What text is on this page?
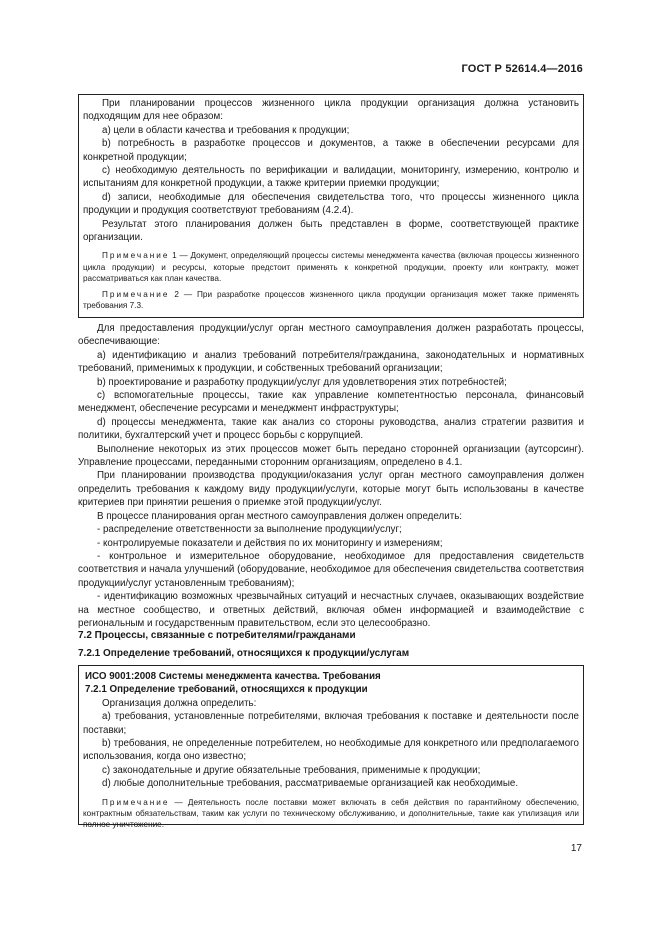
ГОСТ Р 52614.4—2016

При планировании процессов жизненного цикла продукции организация должна установить подходящим для нее образом:

a) цели в области качества и требования к продукции;

b) потребность в разработке процессов и документов, а также в обеспечении ресурсами для конкретной продукции;

c) необходимую деятельность по верификации и валидации, мониторингу, измерению, контролю и испытаниям для конкретной продукции, а также критерии приемки продукции;

d) записи, необходимые для обеспечения свидетельства того, что процессы жизненного цикла продукции и продукция соответствуют требованиям (4.2.4).

Результат этого планирования должен быть представлен в форме, соответствующей практике организации.

Примечание 1 — Документ, определяющий процессы системы менеджмента качества (включая процессы жизненного цикла продукции) и ресурсы, которые предстоит применять к конкретной продукции, проекту или контракту, может рассматриваться как план качества.

Примечание 2 — При разработке процессов жизненного цикла продукции организация может также применять требования 7.3.

Для предоставления продукции/услуг орган местного самоуправления должен разработать процессы, обеспечивающие:

a) идентификацию и анализ требований потребителя/гражданина, законодательных и нормативных требований, применимых к продукции, и собственных требований организации;

b) проектирование и разработку продукции/услуг для удовлетворения этих потребностей;

c) вспомогательные процессы, такие как управление компетентностью персонала, финансовый менеджмент, обеспечение ресурсами и менеджмент инфраструктуры;

d) процессы менеджмента, такие как анализ со стороны руководства, анализ стратегии развития и политики, бухгалтерский учет и процесс борьбы с коррупцией.

Выполнение некоторых из этих процессов может быть передано сторонней организации (аутсорсинг). Управление процессами, переданными сторонним организациям, определено в 4.1.

При планировании производства продукции/оказания услуг орган местного самоуправления должен определить требования к каждому виду продукции/услуги, которые могут быть использованы в качестве критериев при принятии решения о приемке этой продукции/услуг.

В процессе планирования орган местного самоуправления должен определить:

- распределение ответственности за выполнение продукции/услуг;

- контролируемые показатели и действия по их мониторингу и измерениям;

- контрольное и измерительное оборудование, необходимое для предоставления свидетельств соответствия и начала улучшений (оборудование, необходимое для обеспечения свидетельства соответствия продукции/услуг установленным требованиям);

- идентификацию возможных чрезвычайных ситуаций и несчастных случаев, оказывающих воздействие на местное сообщество, и ответных действий, включая обмен информацией и взаимодействие с региональным и государственным правительством, если это целесообразно.

7.2 Процессы, связанные с потребителями/гражданами
7.2.1 Определение требований, относящихся к продукции/услугам

ИСО 9001:2008 Системы менеджмента качества. Требования

7.2.1 Определение требований, относящихся к продукции

Организация должна определить:

a) требования, установленные потребителями, включая требования к поставке и деятельности после поставки;

b) требования, не определенные потребителем, но необходимые для конкретного или предполагаемого использования, когда оно известно;

c) законодательные и другие обязательные требования, применимые к продукции;

d) любые дополнительные требования, рассматриваемые организацией как необходимые.

Примечание — Деятельность после поставки может включать в себя действия по гарантийному обеспечению, контрактным обязательствам, таким как услуги по техническому обслуживанию, и дополнительные, такие как утилизация или полное уничтожение.

17
